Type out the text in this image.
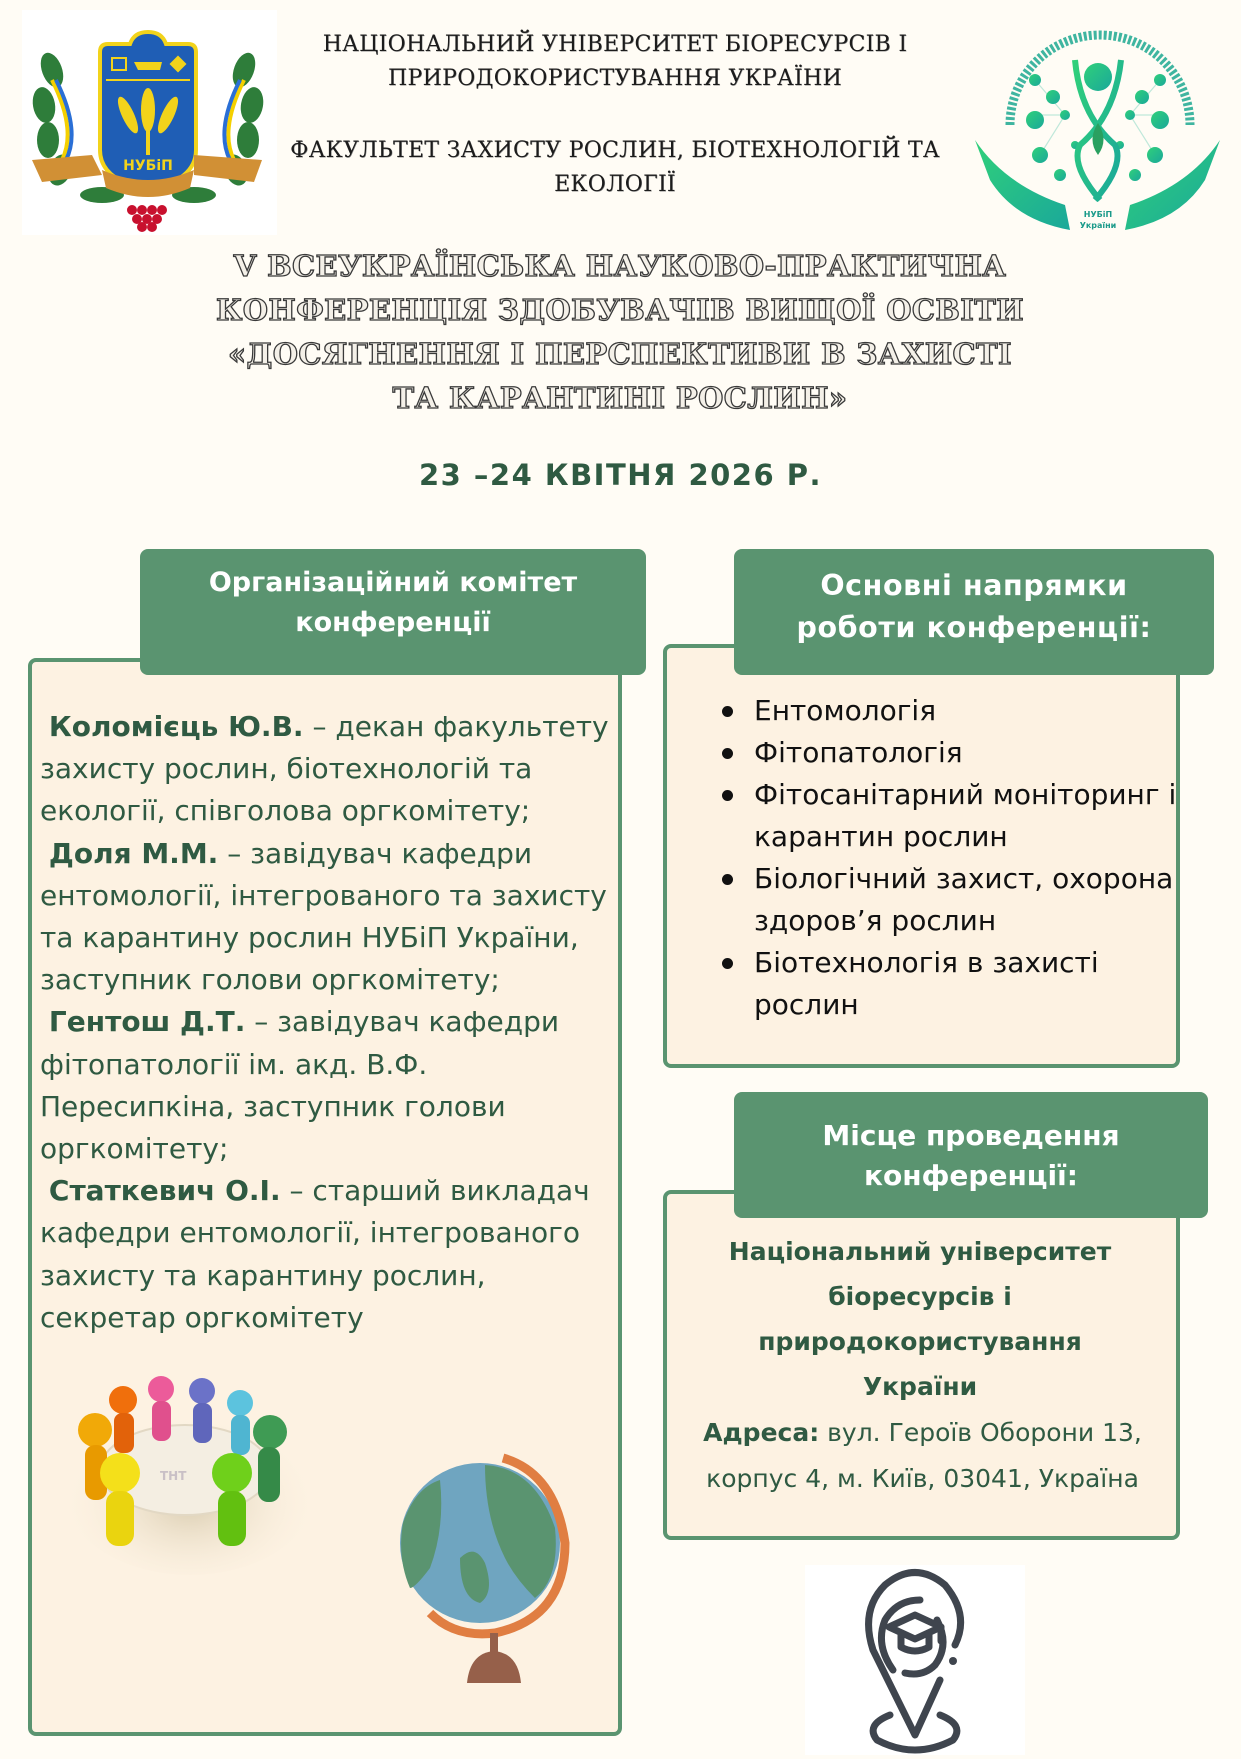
НУБіП
НУБіП
України
НАЦІОНАЛЬНИЙ УНІВЕРСИТЕТ БІОРЕСУРСІВ І
ПРИРОДОКОРИСТУВАННЯ УКРАЇНИ
ФАКУЛЬТЕТ ЗАХИСТУ РОСЛИН, БІОТЕХНОЛОГІЙ ТА
ЕКОЛОГІЇ
V ВСЕУКРАЇНСЬКА НАУКОВО-ПРАКТИЧНА
КОНФЕРЕНЦІЯ ЗДОБУВАЧІВ ВИЩОЇ ОСВІТИ
«ДОСЯГНЕННЯ І ПЕРСПЕКТИВИ В ЗАХИСТІ
ТА КАРАНТИНІ РОСЛИН»
23 –24 КВІТНЯ 2026 Р.
Організаційний комітет
конференції
Коломієць Ю.В. – декан факультету захисту рослин, біотехнологій та екології, співголова оргкомітету;
Доля М.М. – завідувач кафедри ентомології, інтегрованого та захисту та карантину рослин НУБіП України, заступник голови оргкомітету;
Гентош Д.Т. – завідувач кафедри фітопатології ім. акд. В.Ф. Пересипкіна, заступник голови оргкомітету;
Статкевич О.І. – старший викладач кафедри ентомології, інтегрованого захисту та карантину рослин, секретар оргкомітету
THT
Основні напрямки
роботи конференції:
Ентомологія
Фітопатологія
Фітосанітарний моніторинг і карантин рослин
Біологічний захист, охорона здоров’я рослин
Біотехнологія в захисті рослин
Місце проведення
конференції:
Національний університет
біоресурсів і
природокористування
України
Адреса: вул. Героїв Оборони 13,
корпус 4, м. Київ, 03041, Україна
